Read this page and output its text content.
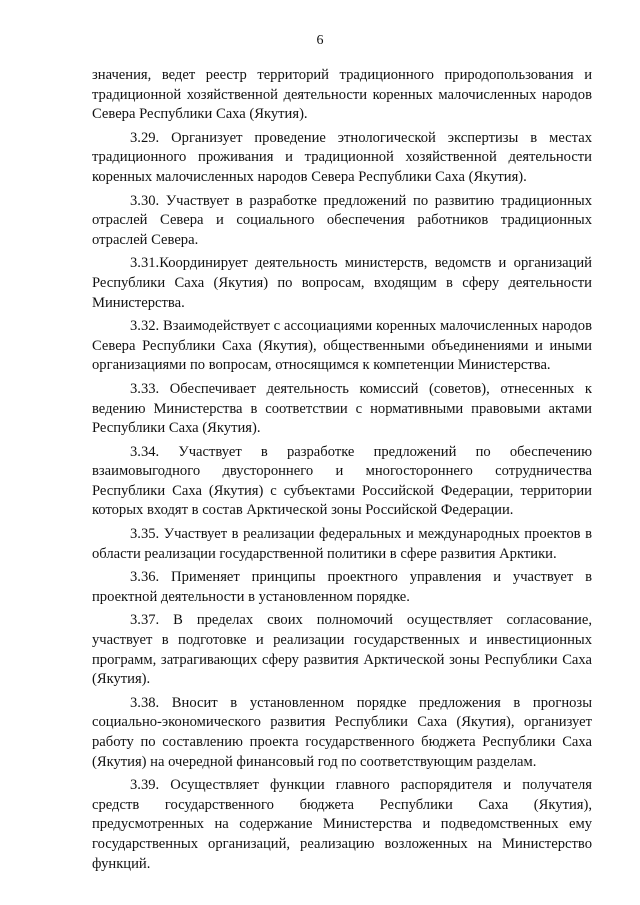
6

значения, ведет реестр территорий традиционного природопользования и традиционной хозяйственной деятельности коренных малочисленных народов Севера Республики Саха (Якутия).

3.29. Организует проведение этнологической экспертизы в местах традиционного проживания и традиционной хозяйственной деятельности коренных малочисленных народов Севера Республики Саха (Якутия).

3.30. Участвует в разработке предложений по развитию традиционных отраслей Севера и социального обеспечения работников традиционных отраслей Севера.

3.31.Координирует деятельность министерств, ведомств и организаций Республики Саха (Якутия) по вопросам, входящим в сферу деятельности Министерства.

3.32. Взаимодействует с ассоциациями коренных малочисленных народов Севера Республики Саха (Якутия), общественными объединениями и иными организациями по вопросам, относящимся к компетенции Министерства.

3.33. Обеспечивает деятельность комиссий (советов), отнесенных к ведению Министерства в соответствии с нормативными правовыми актами Республики Саха (Якутия).

3.34. Участвует в разработке предложений по обеспечению взаимовыгодного двустороннего и многостороннего сотрудничества Республики Саха (Якутия) с субъектами Российской Федерации, территории которых входят в состав Арктической зоны Российской Федерации.

3.35. Участвует в реализации федеральных и международных проектов в области реализации государственной политики в сфере развития Арктики.

3.36. Применяет принципы проектного управления и участвует в проектной деятельности в установленном порядке.

3.37. В пределах своих полномочий осуществляет согласование, участвует в подготовке и реализации государственных и инвестиционных программ, затрагивающих сферу развития Арктической зоны Республики Саха (Якутия).

3.38. Вносит в установленном порядке предложения в прогнозы социально-экономического развития Республики Саха (Якутия), организует работу по составлению проекта государственного бюджета Республики Саха (Якутия) на очередной финансовый год по соответствующим разделам.

3.39. Осуществляет функции главного распорядителя и получателя средств государственного бюджета Республики Саха (Якутия), предусмотренных на содержание Министерства и подведомственных ему государственных организаций, реализацию возложенных на Министерство функций.
